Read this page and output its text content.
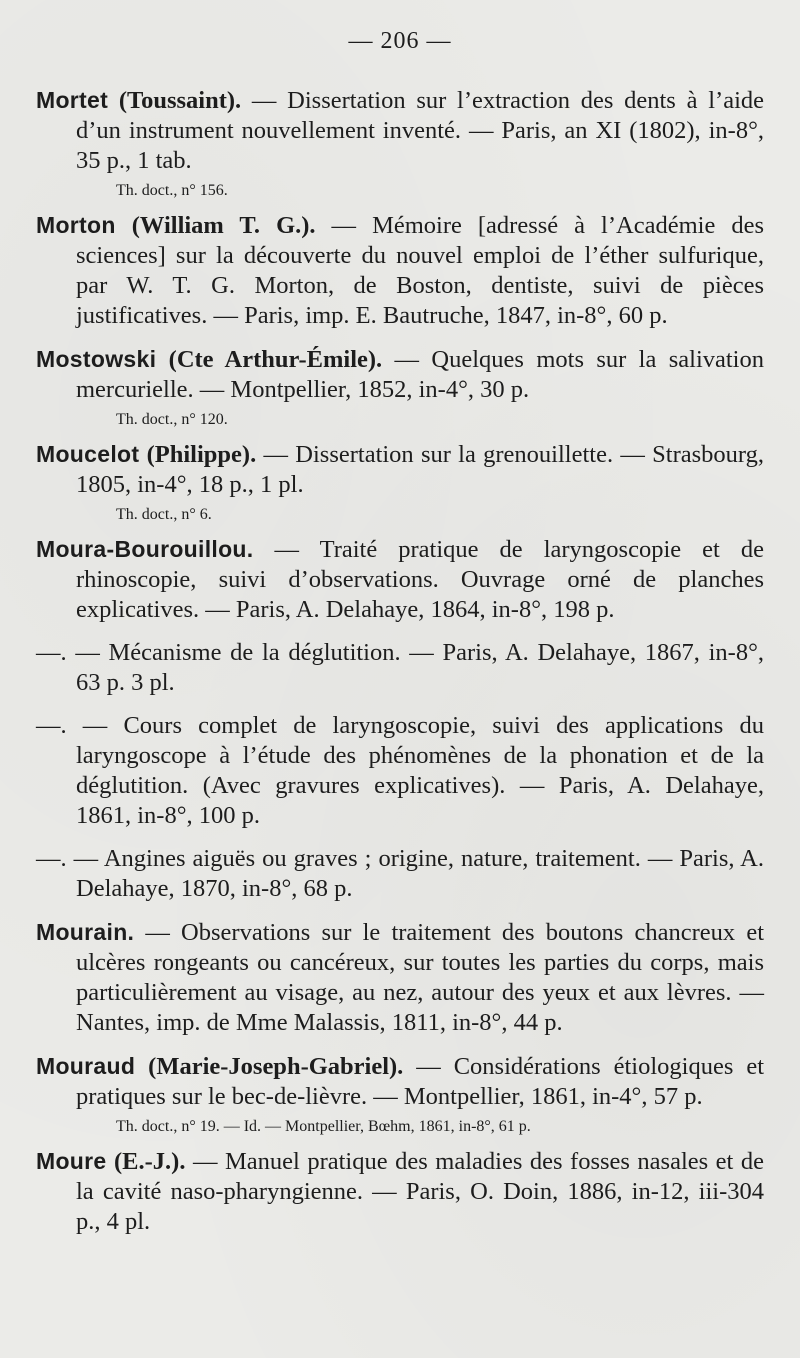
— 206 —

Mortet (Toussaint). — Dissertation sur l’extraction des dents à l’aide d’un instrument nouvellement inventé. — Paris, an XI (1802), in-8°, 35 p., 1 tab.

Th. doct., n° 156.

Morton (William T. G.). — Mémoire [adressé à l’Académie des sciences] sur la découverte du nouvel emploi de l’éther sulfurique, par W. T. G. Morton, de Boston, dentiste, suivi de pièces justificatives. — Paris, imp. E. Bautruche, 1847, in-8°, 60 p.

Mostowski (Cte Arthur-Émile). — Quelques mots sur la salivation mercurielle. — Montpellier, 1852, in-4°, 30 p.

Th. doct., n° 120.

Moucelot (Philippe). — Dissertation sur la grenouillette. — Strasbourg, 1805, in-4°, 18 p., 1 pl.

Th. doct., n° 6.

Moura-Bourouillou. — Traité pratique de laryngoscopie et de rhinoscopie, suivi d’observations. Ouvrage orné de planches explicatives. — Paris, A. Delahaye, 1864, in-8°, 198 p.

—. — Mécanisme de la déglutition. — Paris, A. Delahaye, 1867, in-8°, 63 p. 3 pl.

—. — Cours complet de laryngoscopie, suivi des applications du laryngoscope à l’étude des phénomènes de la phonation et de la déglutition. (Avec gravures explicatives). — Paris, A. Delahaye, 1861, in-8°, 100 p.

—. — Angines aiguës ou graves ; origine, nature, traitement. — Paris, A. Delahaye, 1870, in-8°, 68 p.

Mourain. — Observations sur le traitement des boutons chancreux et ulcères rongeants ou cancéreux, sur toutes les parties du corps, mais particulièrement au visage, au nez, autour des yeux et aux lèvres. — Nantes, imp. de Mme Malassis, 1811, in-8°, 44 p.

Mouraud (Marie-Joseph-Gabriel). — Considérations étiologiques et pratiques sur le bec-de-lièvre. — Montpellier, 1861, in-4°, 57 p.

Th. doct., n° 19. — Id. — Montpellier, Bœhm, 1861, in-8°, 61 p.

Moure (E.-J.). — Manuel pratique des maladies des fosses nasales et de la cavité naso-pharyngienne. — Paris, O. Doin, 1886, in-12, iii-304 p., 4 pl.
